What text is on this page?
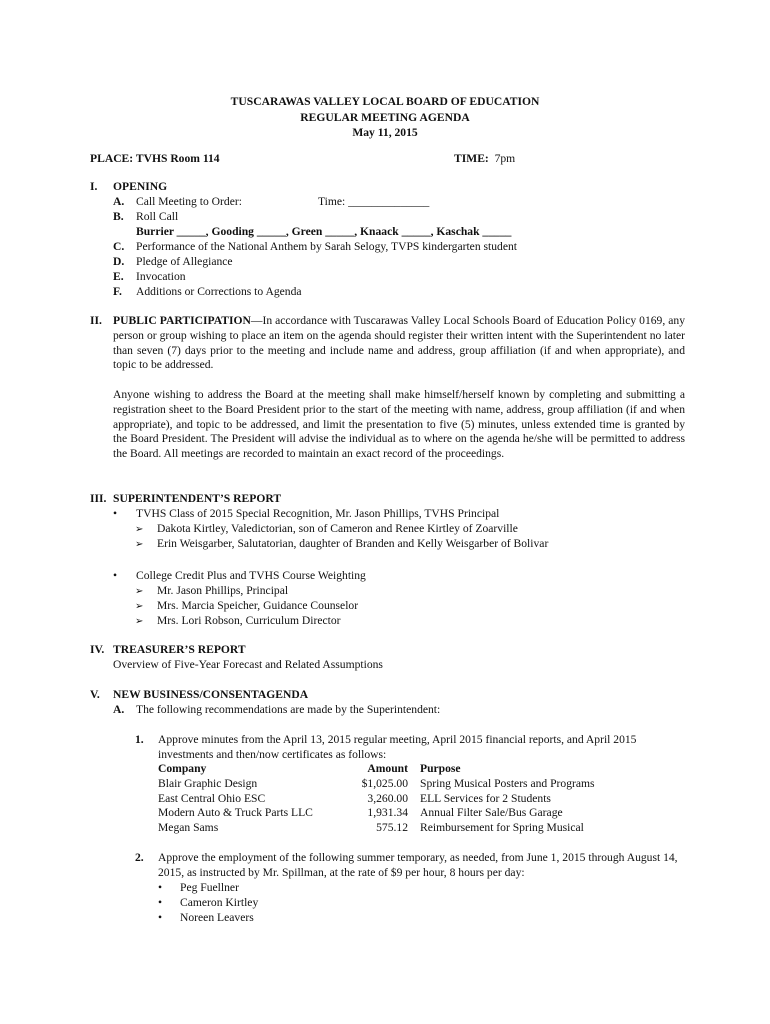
TUSCARAWAS VALLEY LOCAL BOARD OF EDUCATION
REGULAR MEETING AGENDA
May 11, 2015
PLACE: TVHS Room 114	TIME: 7pm
I. OPENING
A. Call Meeting to Order:	Time: ______________
B. Roll Call
Burrier _____, Gooding _____, Green _____, Knaack _____, Kaschak _____
C. Performance of the National Anthem by Sarah Selogy, TVPS kindergarten student
D. Pledge of Allegiance
E. Invocation
F. Additions or Corrections to Agenda
II. PUBLIC PARTICIPATION—In accordance with Tuscarawas Valley Local Schools Board of Education Policy 0169, any person or group wishing to place an item on the agenda should register their written intent with the Superintendent no later than seven (7) days prior to the meeting and include name and address, group affiliation (if and when appropriate), and topic to be addressed.
Anyone wishing to address the Board at the meeting shall make himself/herself known by completing and submitting a registration sheet to the Board President prior to the start of the meeting with name, address, group affiliation (if and when appropriate), and topic to be addressed, and limit the presentation to five (5) minutes, unless extended time is granted by the Board President. The President will advise the individual as to where on the agenda he/she will be permitted to address the Board. All meetings are recorded to maintain an exact record of the proceedings.
III. SUPERINTENDENT’S REPORT
• TVHS Class of 2015 Special Recognition, Mr. Jason Phillips, TVHS Principal
➢ Dakota Kirtley, Valedictorian, son of Cameron and Renee Kirtley of Zoarville
➢ Erin Weisgarber, Salutatorian, daughter of Branden and Kelly Weisgarber of Bolivar
• College Credit Plus and TVHS Course Weighting
➢ Mr. Jason Phillips, Principal
➢ Mrs. Marcia Speicher, Guidance Counselor
➢ Mrs. Lori Robson, Curriculum Director
IV. TREASURER’S REPORT
Overview of Five-Year Forecast and Related Assumptions
V. NEW BUSINESS/CONSENTAGENDA
A. The following recommendations are made by the Superintendent:
1. Approve minutes from the April 13, 2015 regular meeting, April 2015 financial reports, and April 2015 investments and then/now certificates as follows:
Company	Amount	Purpose
Blair Graphic Design	$1,025.00	Spring Musical Posters and Programs
East Central Ohio ESC	3,260.00	ELL Services for 2 Students
Modern Auto & Truck Parts LLC	1,931.34	Annual Filter Sale/Bus Garage
Megan Sams	575.12	Reimbursement for Spring Musical
2. Approve the employment of the following summer temporary, as needed, from June 1, 2015 through August 14, 2015, as instructed by Mr. Spillman, at the rate of $9 per hour, 8 hours per day:
• Peg Fuellner
• Cameron Kirtley
• Noreen Leavers
